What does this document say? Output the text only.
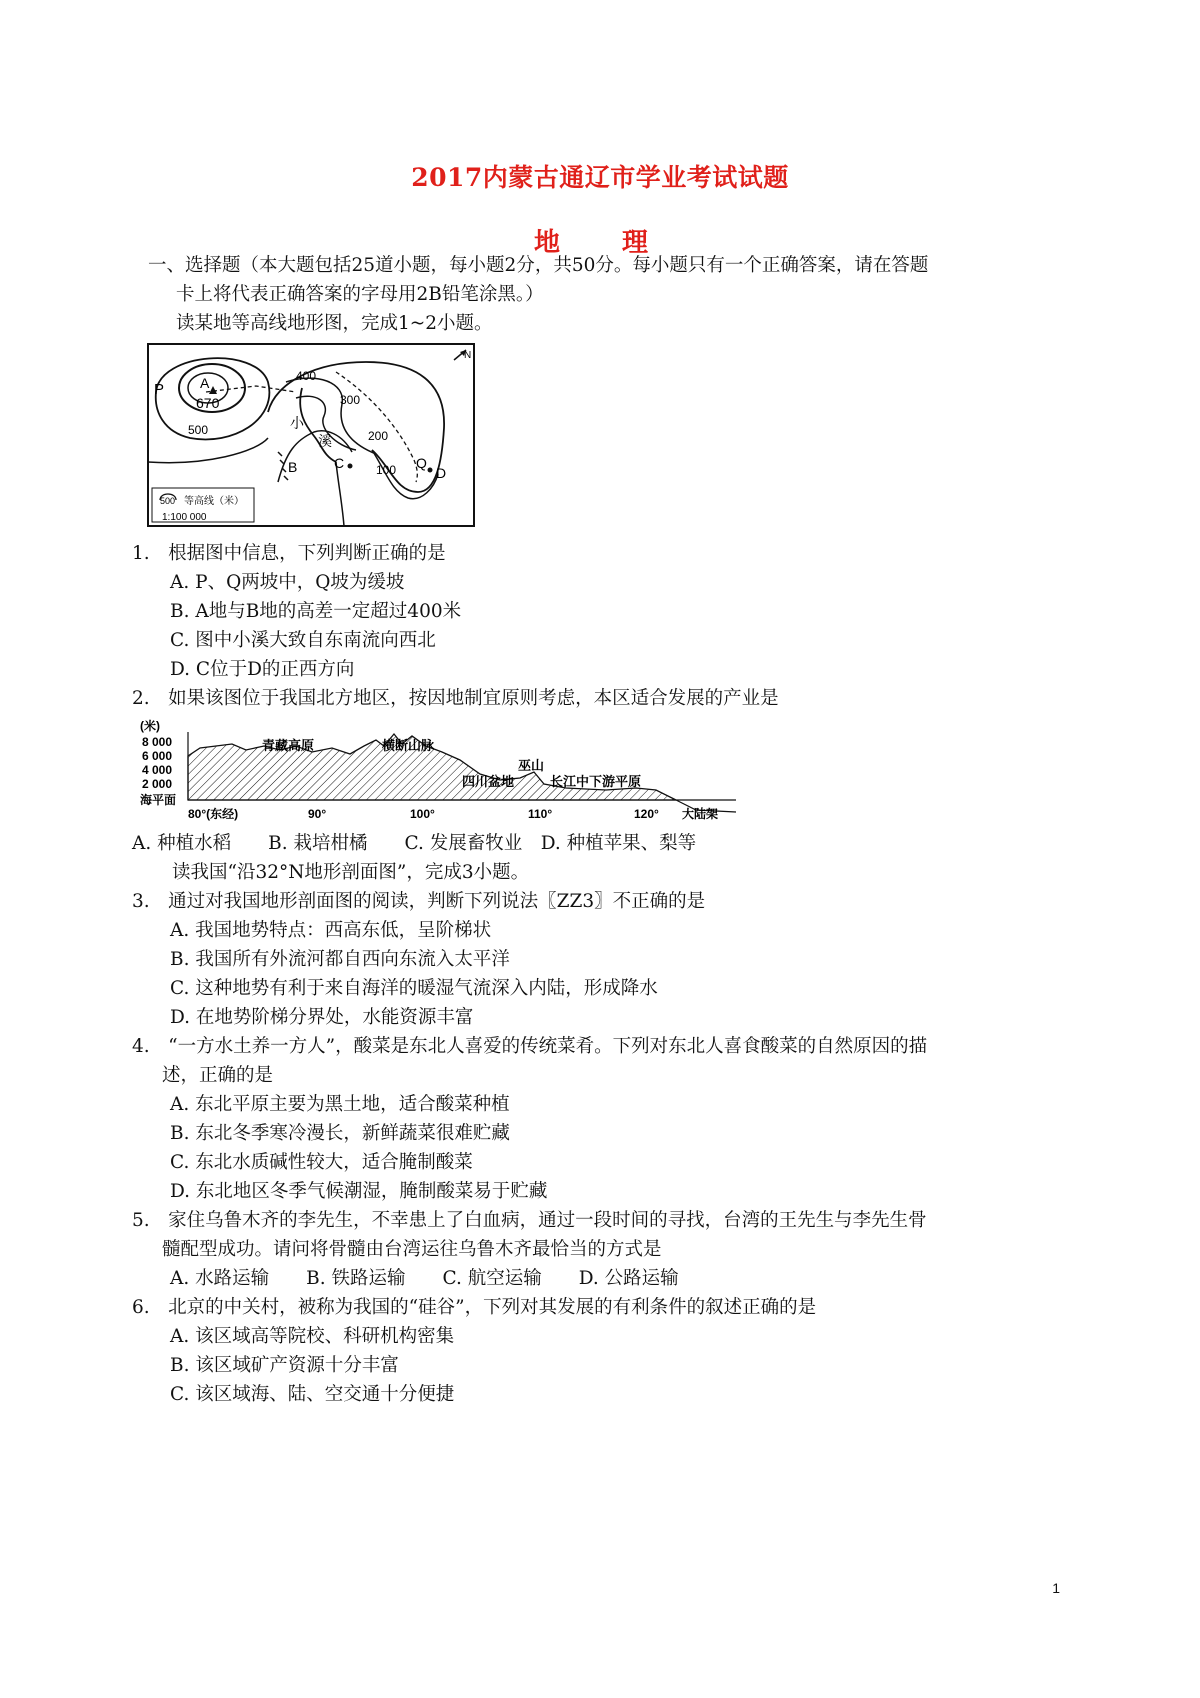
2017内蒙古通辽市学业考试试题
地　理
一、选择题（本大题包括25道小题，每小题2分，共50分。每小题只有一个正确答案，请在答题
卡上将代表正确答案的字母用2B铅笔涂黑。）
读某地等高线地形图，完成1~2小题。
500 等高线（米）
1:100 000
P	A
670
500
400
300
200
100
B	C	Q
D
小
溪
N
1.　根据图中信息，下列判断正确的是
A. P、Q两坡中，Q坡为缓坡
B. A地与B地的高差一定超过400米
C. 图中小溪大致自东南流向西北
D. C位于D的正西方向
2.　如果该图位于我国北方地区，按因地制宜原则考虑，本区适合发展的产业是
(米)
8 000
6 000
4 000
2 000
海平面
80°(东经)	90°	100°	110°	120°
青藏高原	横断山脉
巫山
四川盆地	长江中下游平原
大陆架
A. 种植水稻　　B. 栽培柑橘　　C. 发展畜牧业　D. 种植苹果、梨等
读我国“沿32°N地形剖面图”，完成3小题。
3.　通过对我国地形剖面图的阅读，判断下列说法〖ZZ3〗不正确的是
A. 我国地势特点：西高东低，呈阶梯状
B. 我国所有外流河都自西向东流入太平洋
C. 这种地势有利于来自海洋的暖湿气流深入内陆，形成降水
D. 在地势阶梯分界处，水能资源丰富
4.　“一方水土养一方人”，酸菜是东北人喜爱的传统菜肴。下列对东北人喜食酸菜的自然原因的描
述，正确的是
A. 东北平原主要为黑土地，适合酸菜种植
B. 东北冬季寒冷漫长，新鲜蔬菜很难贮藏
C. 东北水质碱性较大，适合腌制酸菜
D. 东北地区冬季气候潮湿，腌制酸菜易于贮藏
5.　家住乌鲁木齐的李先生，不幸患上了白血病，通过一段时间的寻找，台湾的王先生与李先生骨
髓配型成功。请问将骨髓由台湾运往乌鲁木齐最恰当的方式是
A. 水路运输　　B. 铁路运输　　C. 航空运输　　D. 公路运输
6.　北京的中关村，被称为我国的“硅谷”，下列对其发展的有利条件的叙述正确的是
A. 该区域高等院校、科研机构密集
B. 该区域矿产资源十分丰富
C. 该区域海、陆、空交通十分便捷
1
